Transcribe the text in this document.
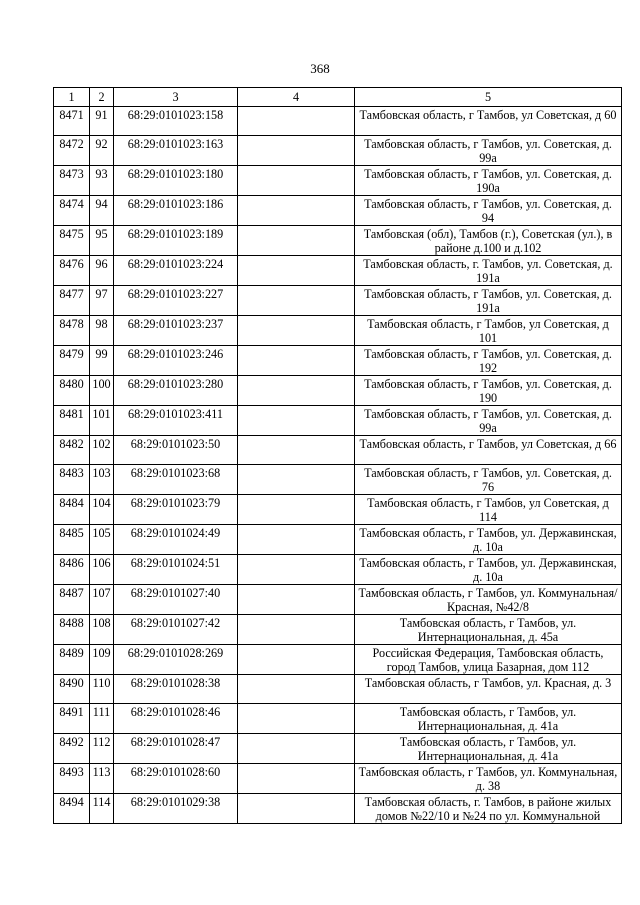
368
1	2	3	4	5
8471	91	68:29:0101023:158		Тамбовская область, г Тамбов, ул Советская, д 60
8472	92	68:29:0101023:163		Тамбовская область, г Тамбов, ул. Советская, д. 99а
8473	93	68:29:0101023:180		Тамбовская область, г Тамбов, ул. Советская, д. 190а
8474	94	68:29:0101023:186		Тамбовская область, г Тамбов, ул. Советская, д. 94
8475	95	68:29:0101023:189		Тамбовская (обл), Тамбов (г.), Советская (ул.), в районе д.100 и д.102
8476	96	68:29:0101023:224		Тамбовская область, г. Тамбов, ул. Советская, д. 191а
8477	97	68:29:0101023:227		Тамбовская область, г Тамбов, ул. Советская, д. 191а
8478	98	68:29:0101023:237		Тамбовская область, г Тамбов, ул Советская, д 101
8479	99	68:29:0101023:246		Тамбовская область, г Тамбов, ул. Советская, д. 192
8480	100	68:29:0101023:280		Тамбовская область, г Тамбов, ул. Советская, д. 190
8481	101	68:29:0101023:411		Тамбовская область, г Тамбов, ул. Советская, д. 99а
8482	102	68:29:0101023:50		Тамбовская область, г Тамбов, ул Советская, д 66
8483	103	68:29:0101023:68		Тамбовская область, г Тамбов, ул. Советская, д. 76
8484	104	68:29:0101023:79		Тамбовская область, г Тамбов, ул Советская, д 114
8485	105	68:29:0101024:49		Тамбовская область, г Тамбов, ул. Державинская, д. 10а
8486	106	68:29:0101024:51		Тамбовская область, г Тамбов, ул. Державинская, д. 10а
8487	107	68:29:0101027:40		Тамбовская область, г Тамбов, ул. Коммунальная/Красная, №42/8
8488	108	68:29:0101027:42		Тамбовская область, г Тамбов, ул. Интернациональная, д. 45а
8489	109	68:29:0101028:269		Российская Федерация, Тамбовская область, город Тамбов, улица Базарная, дом 112
8490	110	68:29:0101028:38		Тамбовская область, г Тамбов, ул. Красная, д. 3
8491	111	68:29:0101028:46		Тамбовская область, г Тамбов, ул. Интернациональная, д. 41а
8492	112	68:29:0101028:47		Тамбовская область, г Тамбов, ул. Интернациональная, д. 41а
8493	113	68:29:0101028:60		Тамбовская область, г Тамбов, ул. Коммунальная, д. 38
8494	114	68:29:0101029:38		Тамбовская область, г. Тамбов, в районе жилых домов №22/10 и №24 по ул. Коммунальной
